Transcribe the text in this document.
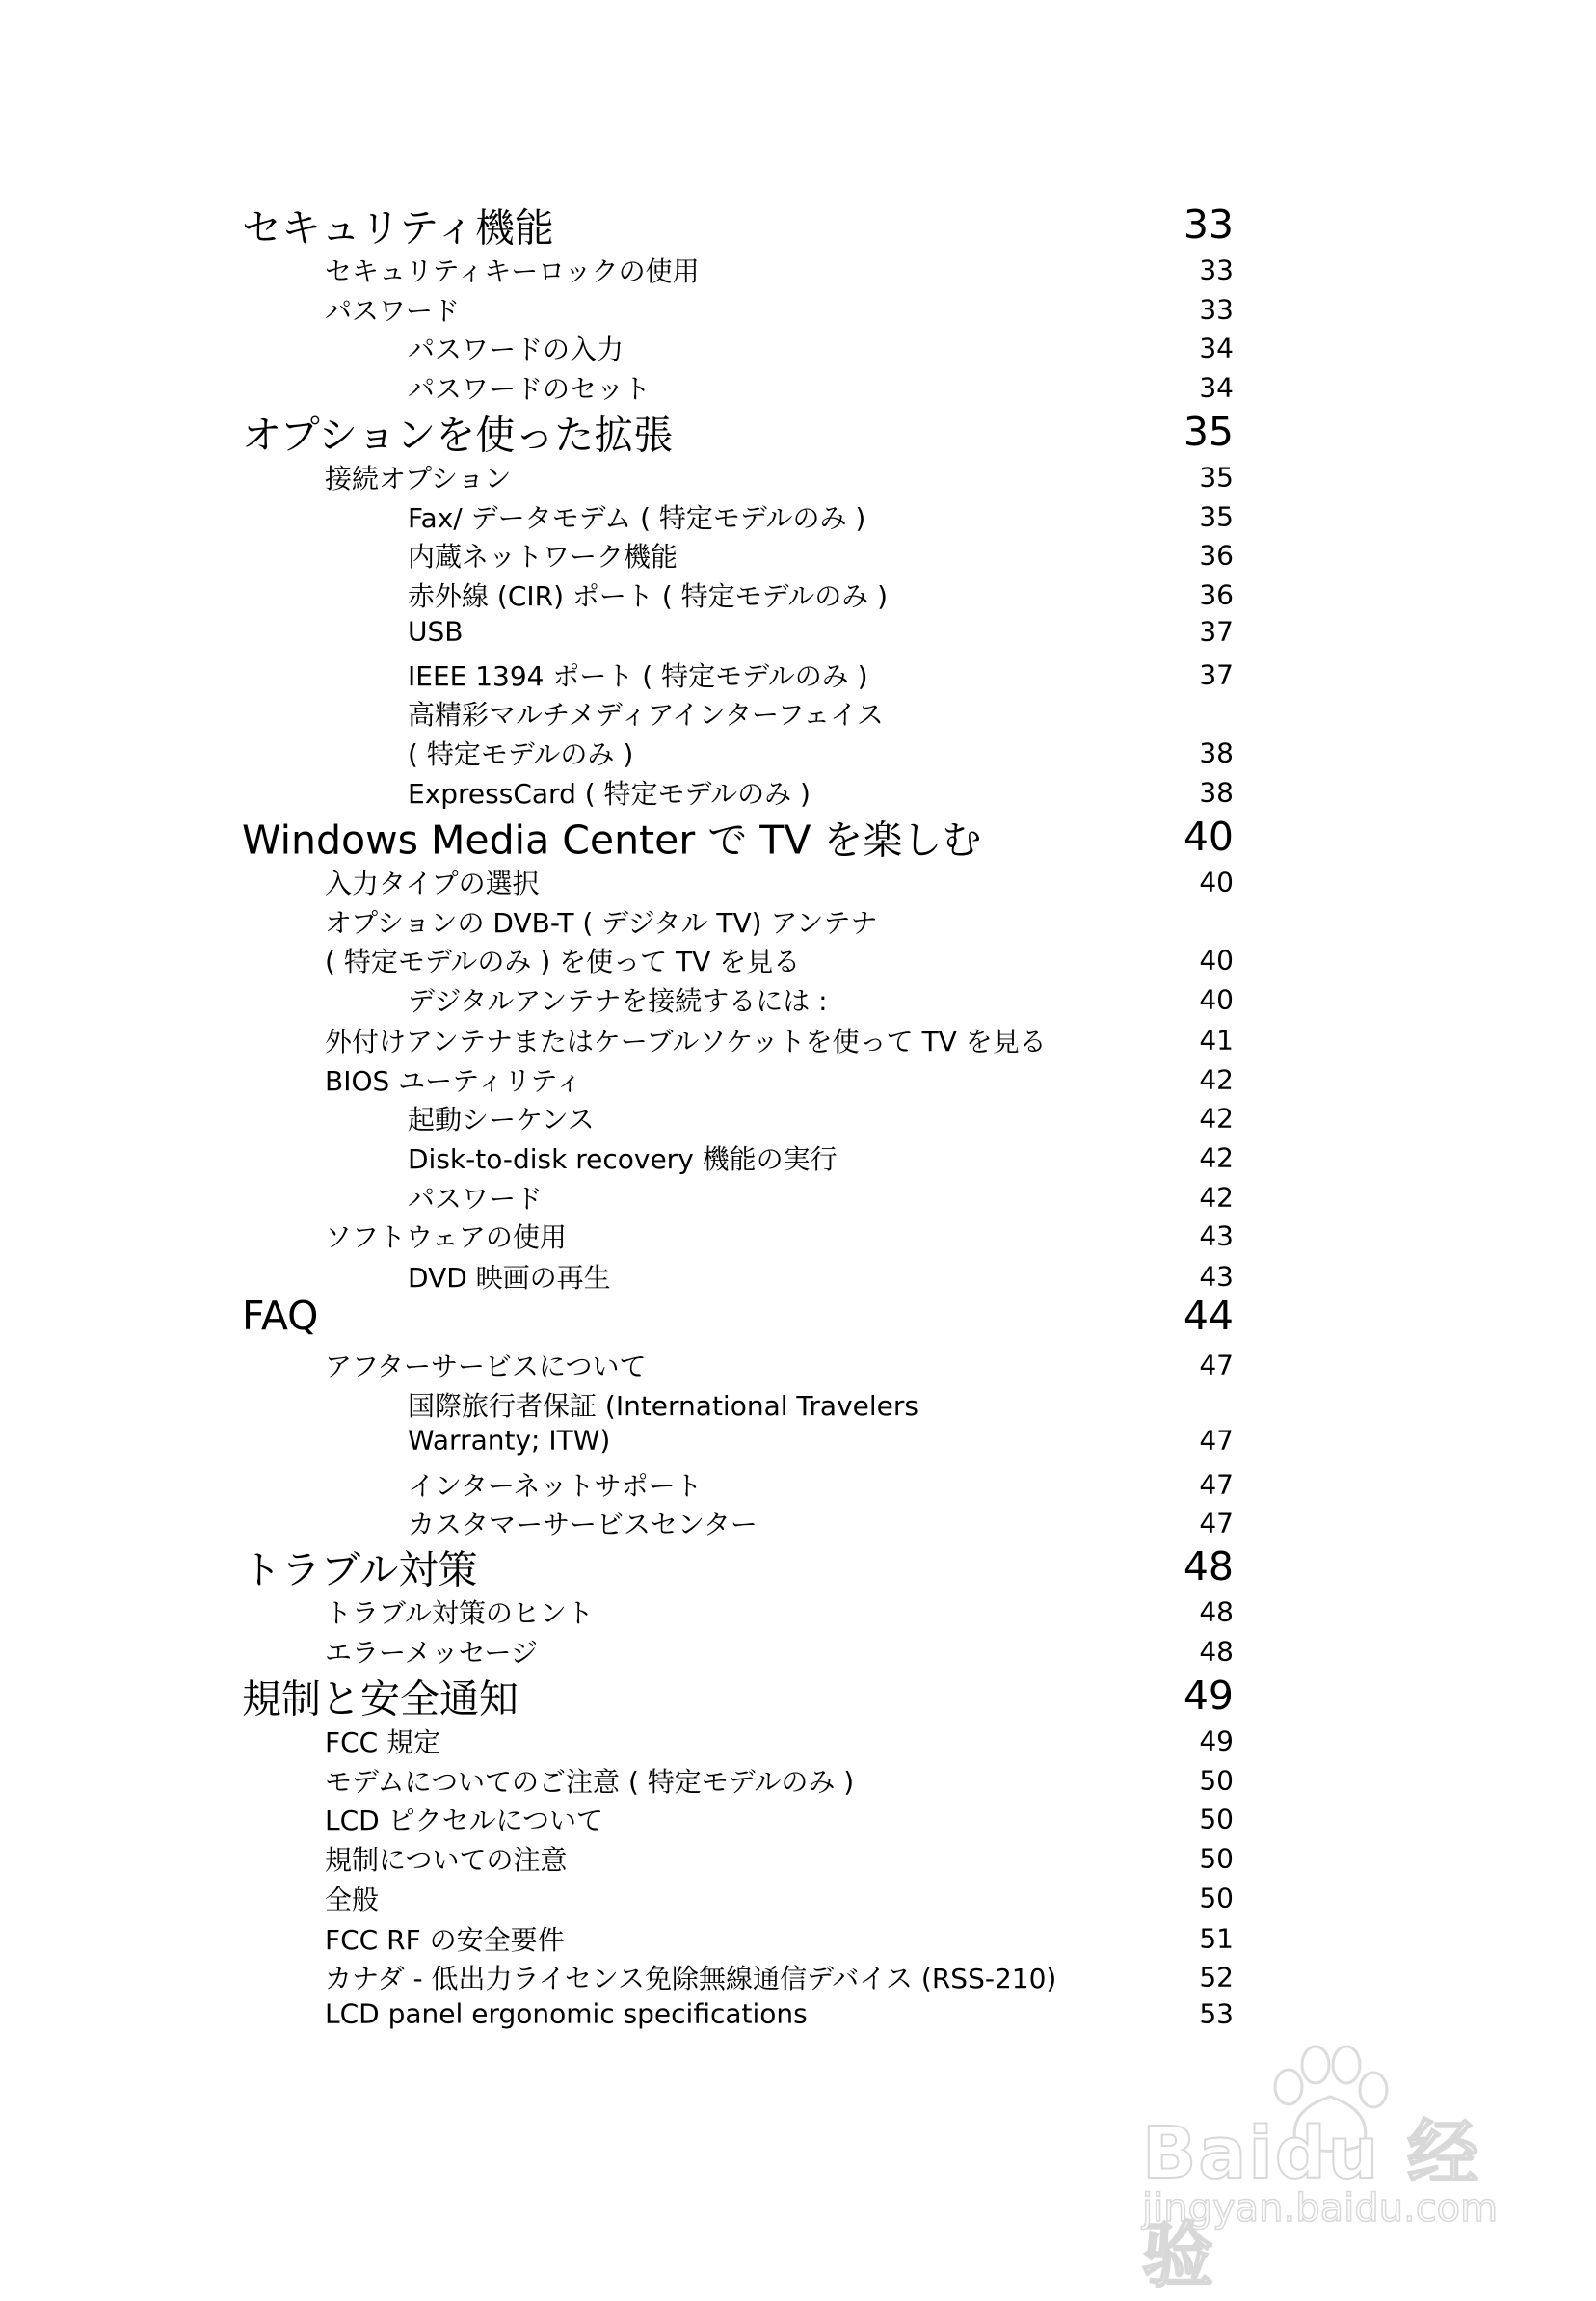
セキュリティ機能	33
セキュリティキーロックの使用	33
パスワード	33
パスワードの入力	34
パスワードのセット	34
オプションを使った拡張	35
接続オプション	35
Fax/ データモデム ( 特定モデルのみ )	35
内蔵ネットワーク機能	36
赤外線 (CIR) ポート ( 特定モデルのみ )	36
USB	37
IEEE 1394 ポート ( 特定モデルのみ )	37
高精彩マルチメディアインターフェイス
( 特定モデルのみ )	38
ExpressCard ( 特定モデルのみ )	38
Windows Media Center で TV を楽しむ	40
入力タイプの選択	40
オプションの DVB-T ( デジタル TV) アンテナ
( 特定モデルのみ ) を使って TV を見る	40
デジタルアンテナを接続するには :	40
外付けアンテナまたはケーブルソケットを使って TV を見る	41
BIOS ユーティリティ	42
起動シーケンス	42
Disk-to-disk recovery 機能の実行	42
パスワード	42
ソフトウェアの使用	43
DVD 映画の再生	43
FAQ	44
アフターサービスについて	47
国際旅行者保証 (International Travelers
Warranty; ITW)	47
インターネットサポート	47
カスタマーサービスセンター	47
トラブル対策	48
トラブル対策のヒント	48
エラーメッセージ	48
規制と安全通知	49
FCC 規定	49
モデムについてのご注意 ( 特定モデルのみ )	50
LCD ピクセルについて	50
規制についての注意	50
全般	50
FCC RF の安全要件	51
カナダ - 低出力ライセンス免除無線通信デバイス (RSS-210)	52
LCD panel ergonomic specifications	53
Baidu 经验
jingyan.baidu.com
